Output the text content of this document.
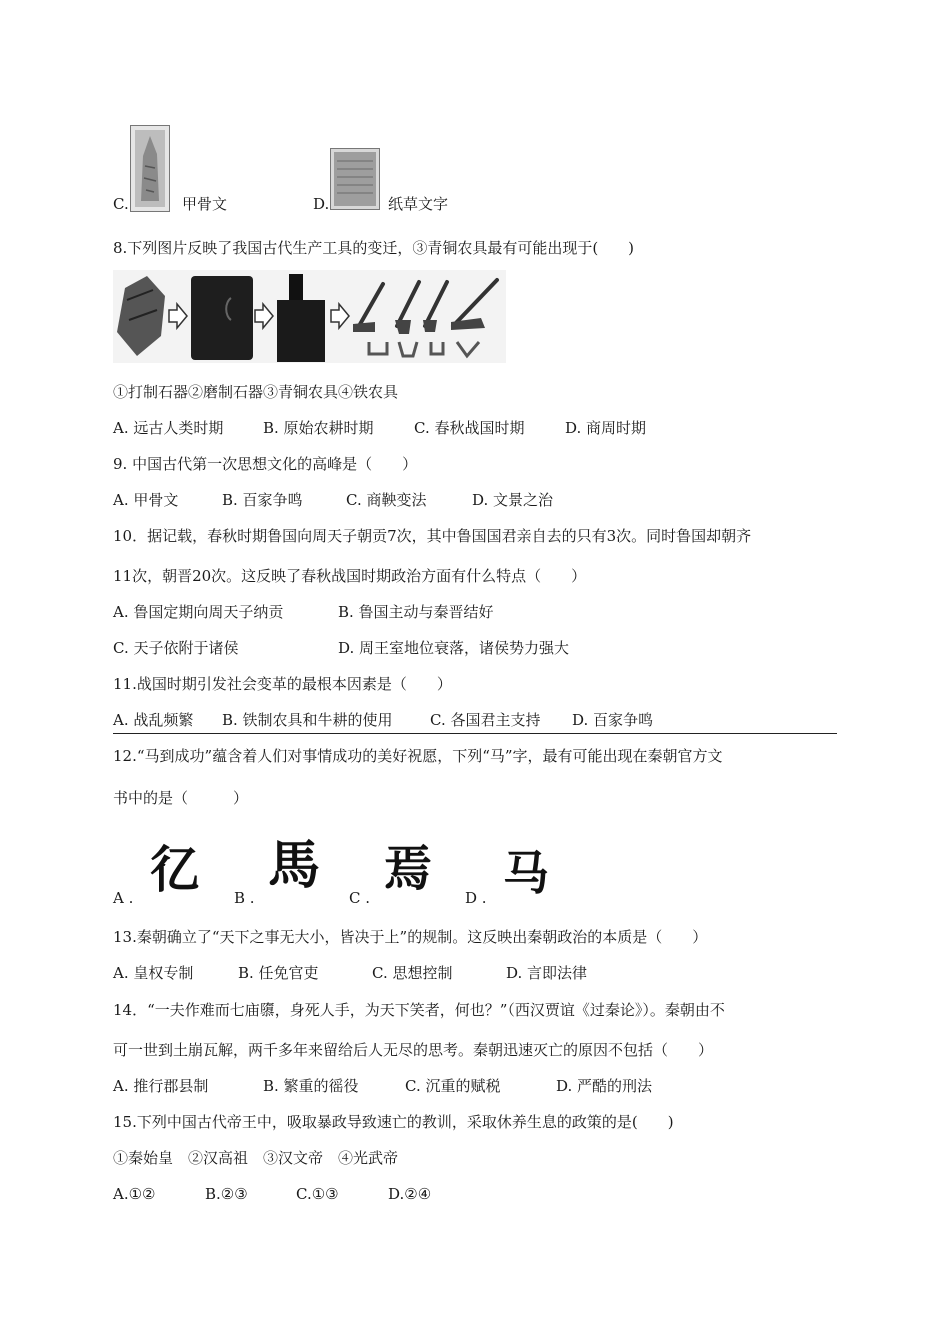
C.	甲骨文	D.	纸草文字
8.下列图片反映了我国古代生产工具的变迁，③青铜农具最有可能出现于(　　)
①打制石器②磨制石器③青铜农具④铁农具
A. 远古人类时期	B. 原始农耕时期	C. 春秋战国时期	D. 商周时期
9. 中国古代第一次思想文化的高峰是（　　）
A. 甲骨文	B. 百家争鸣	C. 商鞅变法	D. 文景之治
10．据记载，春秋时期鲁国向周天子朝贡7次，其中鲁国国君亲自去的只有3次。同时鲁国却朝齐
11次，朝晋20次。这反映了春秋战国时期政治方面有什么特点（　　）
A. 鲁国定期向周天子纳贡	B. 鲁国主动与秦晋结好
C. 天子依附于诸侯	D. 周王室地位衰落，诸侯势力强大
11.战国时期引发社会变革的最根本因素是（　　）
A. 战乱频繁 B. 铁制农具和牛耕的使用 C. 各国君主支持 D. 百家争鸣
12.“马到成功”蕴含着人们对事情成功的美好祝愿，下列“马”字，最有可能出现在秦朝官方文
书中的是（　　　）
A . 𢒼 B .
馬
C .
焉
D . 马
13.秦朝确立了“天下之事无大小，皆决于上”的规制。这反映出秦朝政治的本质是（　　）
A. 皇权专制	B. 任免官吏	C. 思想控制	D. 言即法律
14．“一夫作难而七庙隳，身死人手，为天下笑者，何也？”（西汉贾谊《过秦论》）。秦朝由不
可一世到土崩瓦解，两千多年来留给后人无尽的思考。秦朝迅速灭亡的原因不包括（　　）
A. 推行郡县制	B. 繁重的徭役	C. 沉重的赋税	D. 严酷的刑法
15.下列中国古代帝王中，吸取暴政导致速亡的教训，采取休养生息的政策的是(　　)
①秦始皇　②汉高祖　③汉文帝　④光武帝
A.①②	B.②③	C.①③	D.②④
